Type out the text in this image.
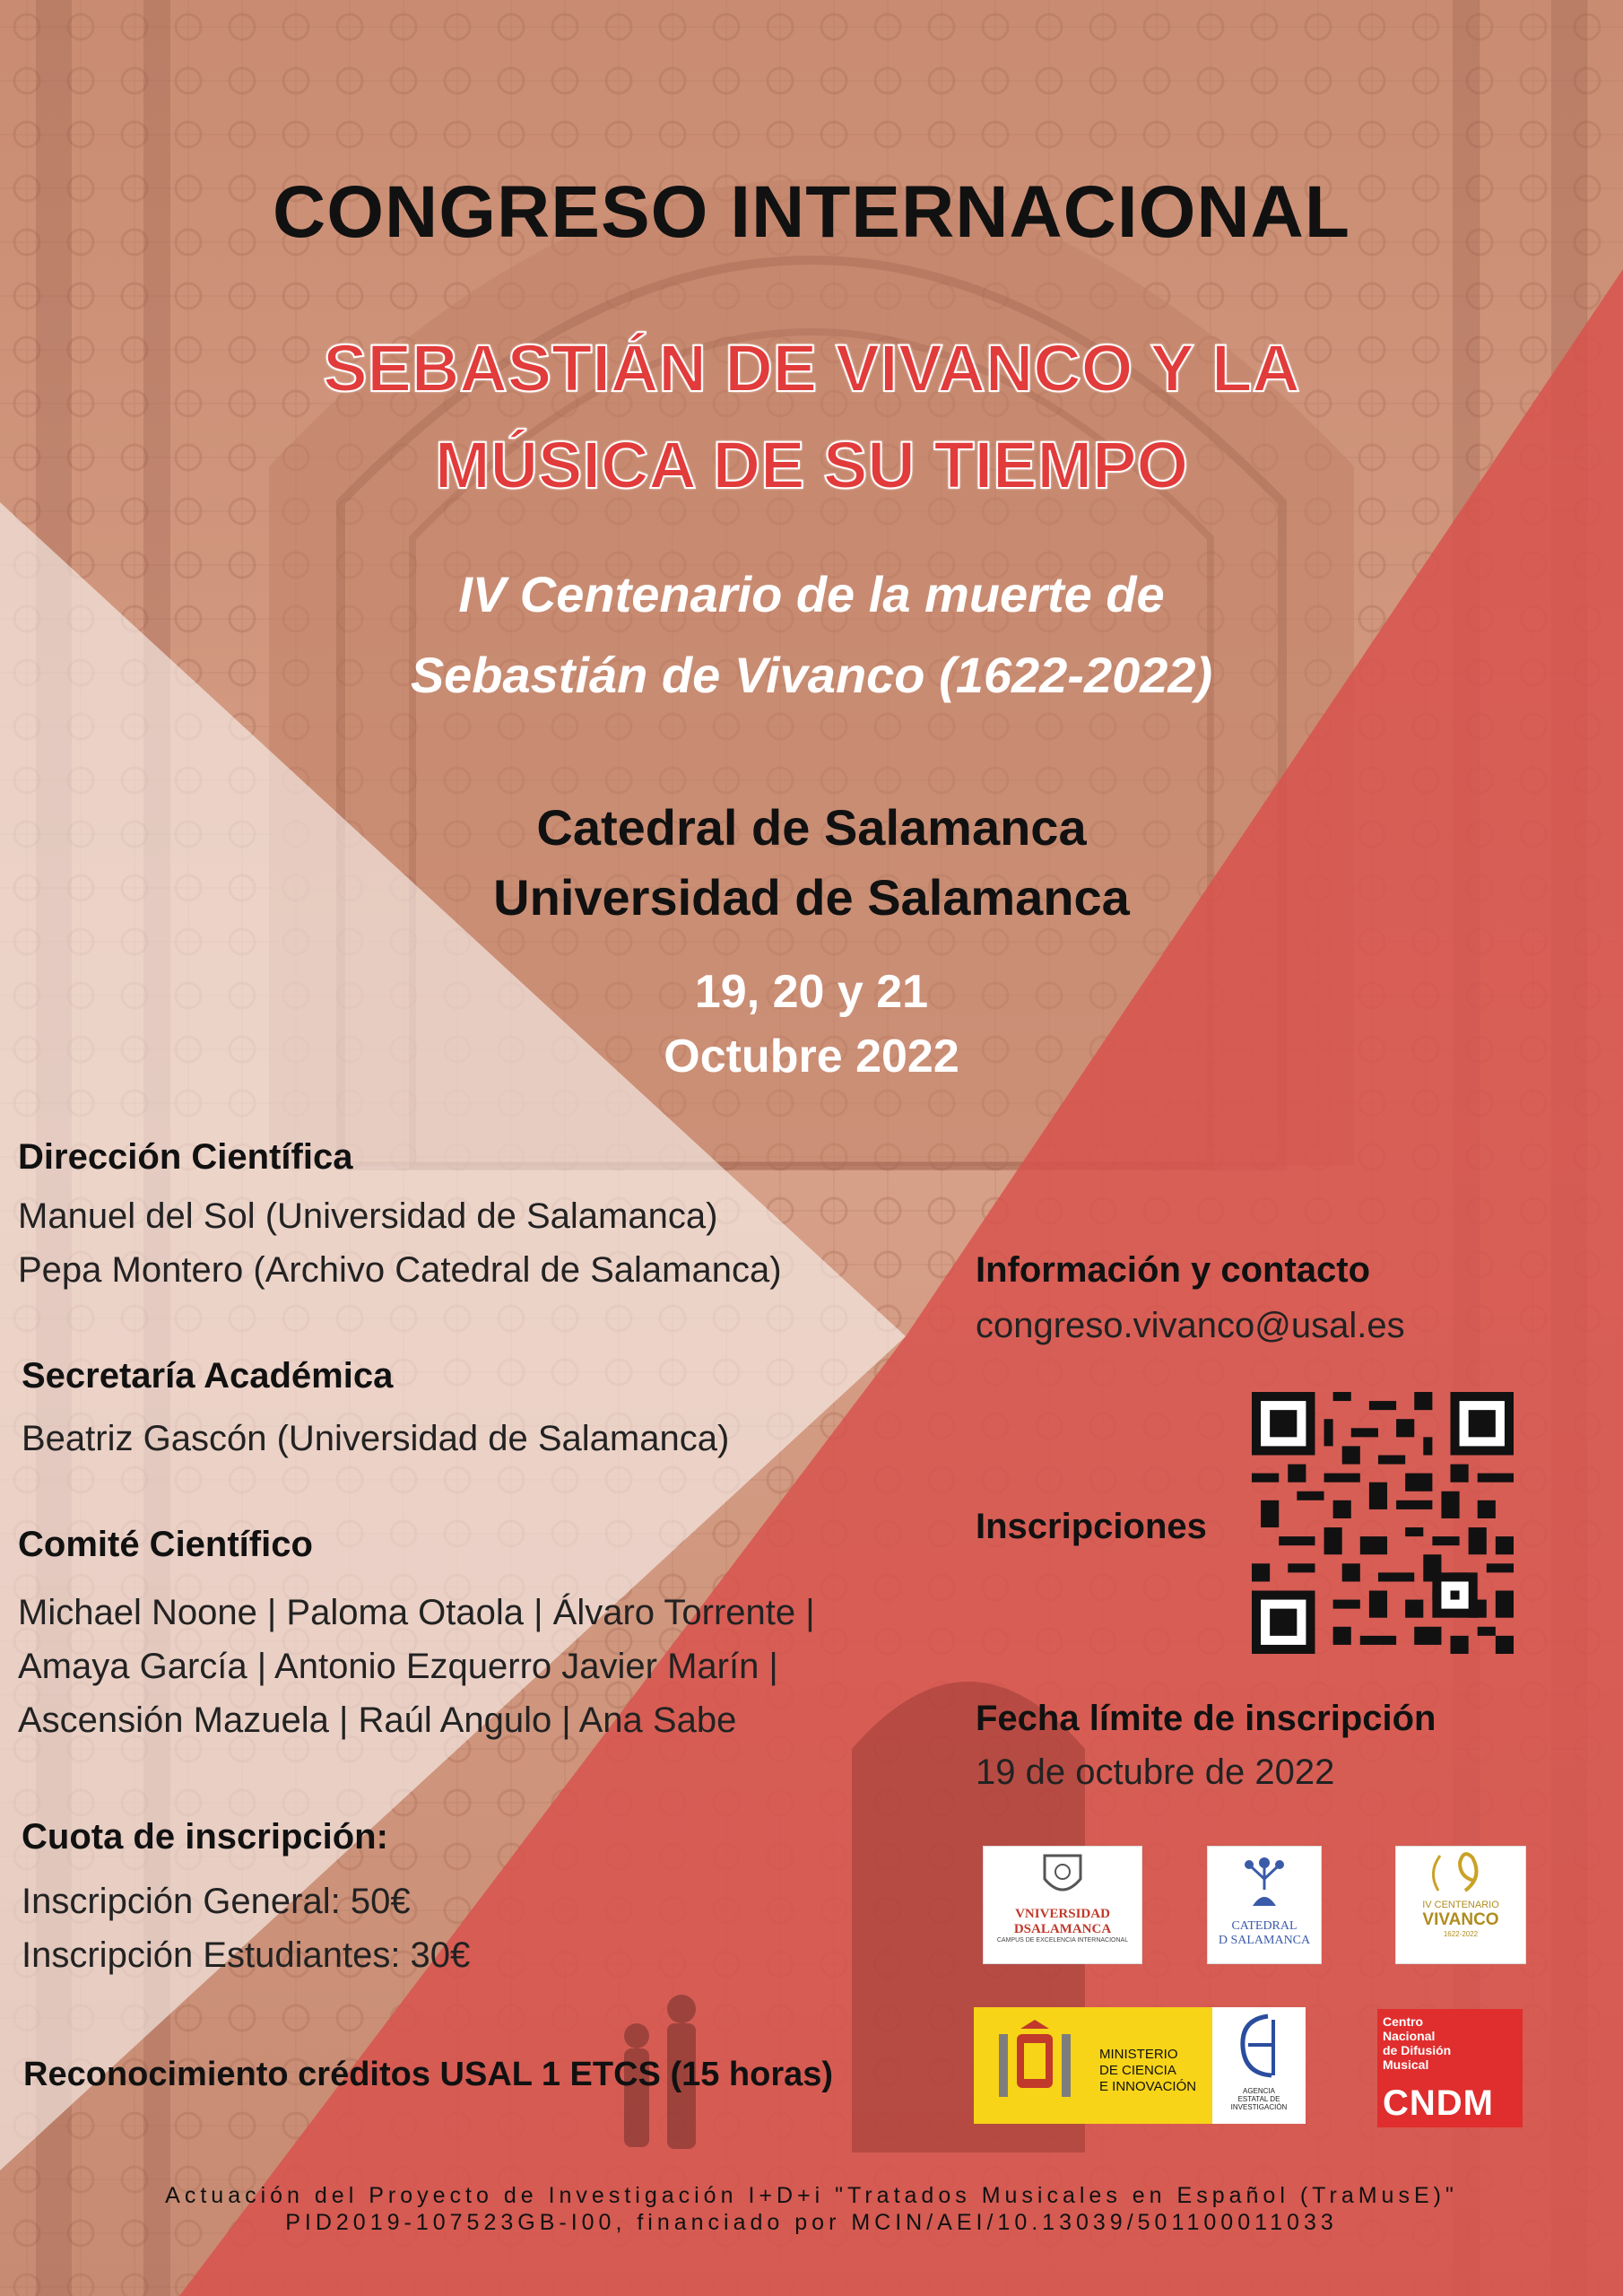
CONGRESO INTERNACIONAL
SEBASTIÁN DE VIVANCO Y LA
MÚSICA DE SU TIEMPO
IV Centenario de la muerte de
Sebastián de Vivanco (1622-2022)
Catedral de Salamanca
Universidad de Salamanca
19, 20 y 21
Octubre 2022
Dirección Científica
Manuel del Sol (Universidad de Salamanca)
Pepa Montero (Archivo Catedral de Salamanca)
Secretaría Académica
Beatriz Gascón (Universidad de Salamanca)
Comité Científico
Michael Noone | Paloma Otaola | Álvaro Torrente |
Amaya García | Antonio Ezquerro Javier Marín |
Ascensión Mazuela | Raúl Angulo | Ana Sabe
Cuota de inscripción:
Inscripción General: 50€
Inscripción Estudiantes: 30€
Reconocimiento créditos USAL 1 ETCS (15 horas)
Información y contacto
congreso.vivanco@usal.es
Inscripciones
Fecha límite de inscripción
19 de octubre de 2022
VNIVERSIDAD
DSALAMANCA
CAMPUS DE EXCELENCIA INTERNACIONAL
CATEDRAL
D SALAMANCA
IV CENTENARIO
VIVANCO
1622-2022
MINISTERIO
DE CIENCIA
E INNOVACIÓN	AGENCIA
ESTATAL DE
INVESTIGACIÓN
Centro
Nacional
de Difusión
Musical
CNDM
Actuación del Proyecto de Investigación I+D+i "Tratados Musicales en Español (TraMusE)"
PID2019-107523GB-I00, financiado por MCIN/AEI/10.13039/501100011033
